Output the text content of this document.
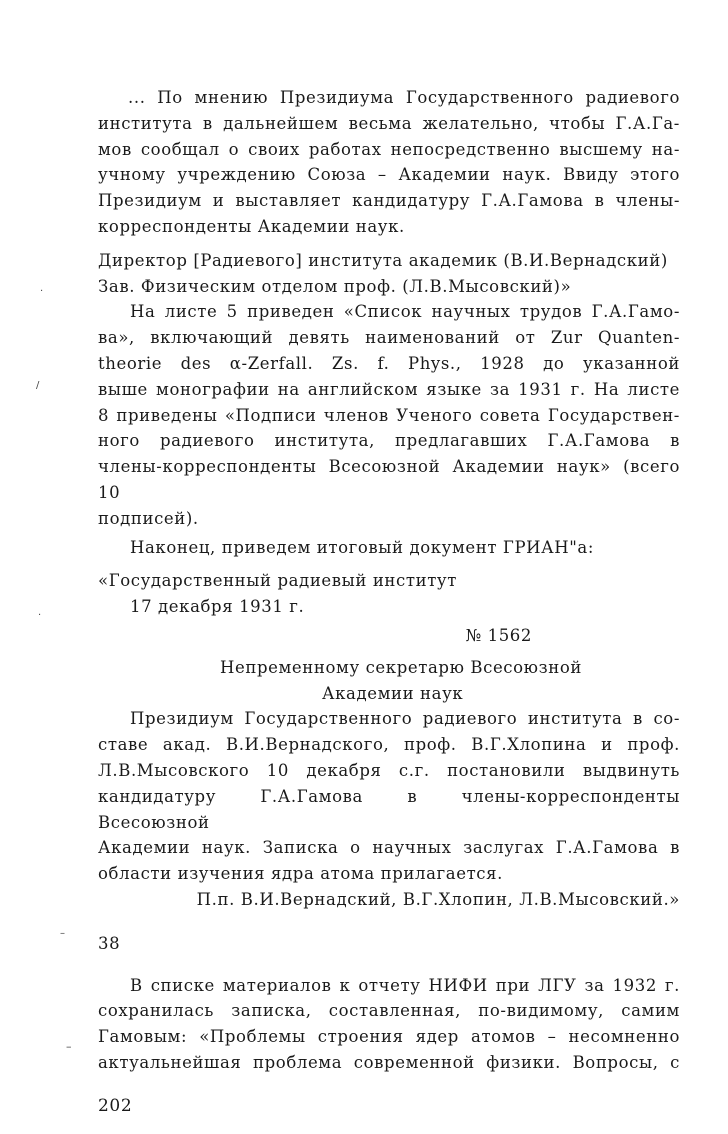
... По мнению Президиума Государственного радиевого

института в дальнейшем весьма желательно, чтобы Г.А.Га-

мов сообщал о своих работах непосредственно высшему на-

учному учреждению Союза – Академии наук. Ввиду этого

Президиум и выставляет кандидатуру Г.А.Гамова в члены-

корреспонденты Академии наук.

Директор [Радиевого] института академик (В.И.Вернадский)

Зав. Физическим отделом проф. (Л.В.Мысовский)»

На листе 5 приведен «Список научных трудов Г.А.Гамо-

ва», включающий девять наименований от Zur Quanten-

theorie des α-Zerfall. Zs. f. Phys., 1928 до указанной

выше монографии на английском языке за 1931 г. На листе

8 приведены «Подписи членов Ученого совета Государствен-

ного радиевого института, предлагавших Г.А.Гамова в

члены-корреспонденты Всесоюзной Академии наук» (всего 10

подписей).

Наконец, приведем итоговый документ ГРИАН"а:

«Государственный радиевый институт

17 декабря 1931 г.

№ 1562

Непременному секретарю Всесоюзной

Академии наук

Президиум Государственного радиевого института в со-

ставе акад. В.И.Вернадского, проф. В.Г.Хлопина и проф.

Л.В.Мысовского 10 декабря с.г. постановили выдвинуть

кандидатуру Г.А.Гамова в члены-корреспонденты Всесоюзной

Академии наук. Записка о научных заслугах Г.А.Гамова в

области изучения ядра атома прилагается.

П.п. В.И.Вернадский, В.Г.Хлопин, Л.В.Мысовский.»

38

В списке материалов к отчету НИФИ при ЛГУ за 1932 г.

сохранилась записка, составленная, по-видимому, самим

Гамовым: «Проблемы строения ядер атомов – несомненно

актуальнейшая проблема современной физики. Вопросы, с

202

·
/
·
–
–
